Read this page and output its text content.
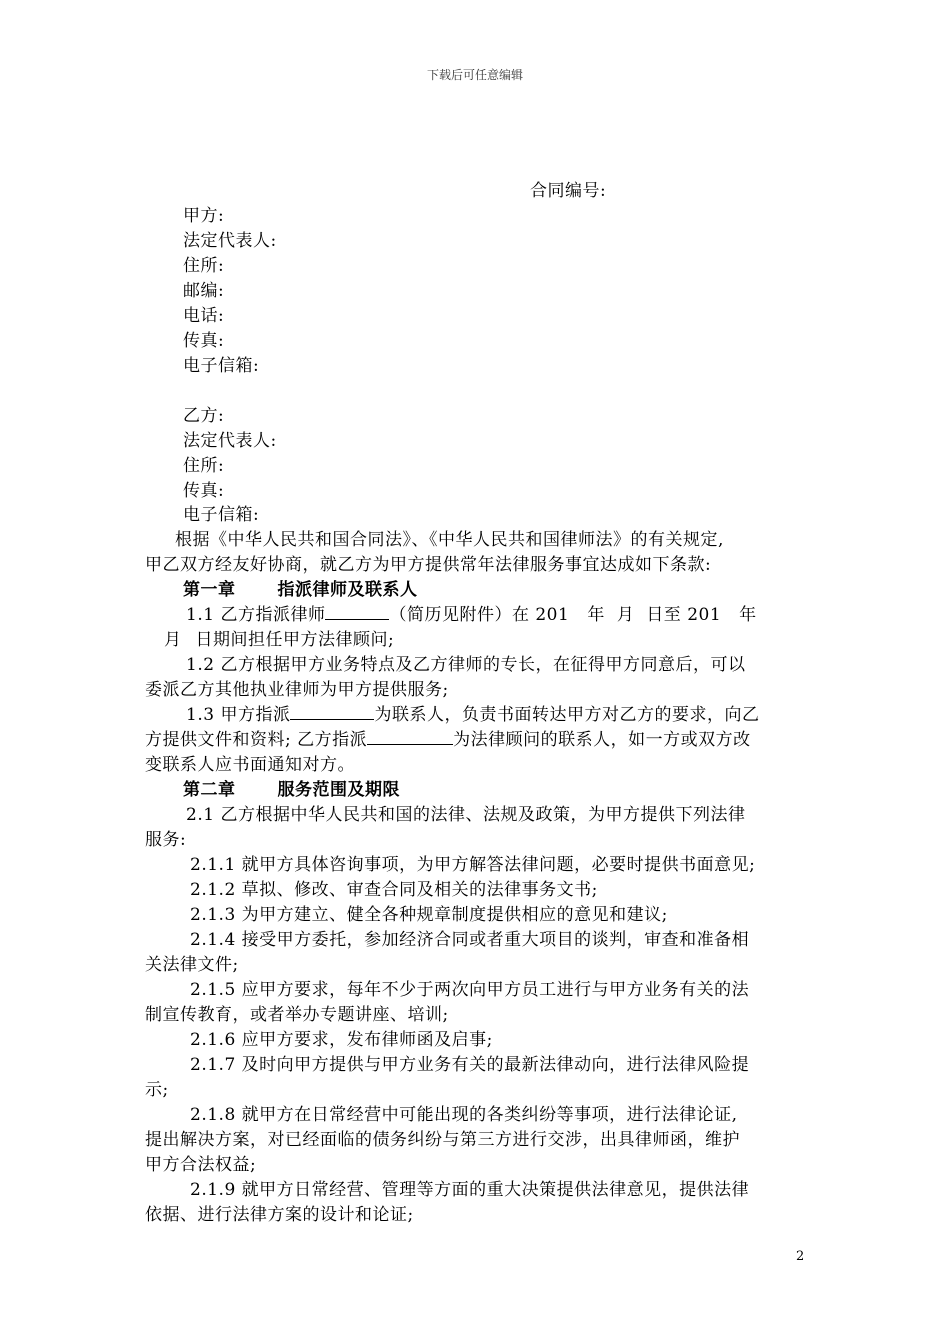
下载后可任意编辑
合同编号:
甲方:
法定代表人:
住所:
邮编:
电话:
传真:
电子信箱:
乙方:
法定代表人:
住所:
传真:
电子信箱:
根据《中华人民共和国合同法》、《中华人民共和国律师法》的有关规定,
甲乙双方经友好协商，就乙方为甲方提供常年法律服务事宜达成如下条款:
第一章 指派律师及联系人
1.1 乙方指派律师	（简历见附件）在 201 年 月 日至 201 年
月 日期间担任甲方法律顾问;
1.2 乙方根据甲方业务特点及乙方律师的专长，在征得甲方同意后，可以
委派乙方其他执业律师为甲方提供服务;
1.3 甲方指派	为联系人，负责书面转达甲方对乙方的要求，向乙
方提供文件和资料; 乙方指派	为法律顾问的联系人，如一方或双方改
变联系人应书面通知对方。
第二章 服务范围及期限
2.1 乙方根据中华人民共和国的法律、法规及政策，为甲方提供下列法律
服务:
2.1.1 就甲方具体咨询事项，为甲方解答法律问题，必要时提供书面意见;
2.1.2 草拟、修改、审查合同及相关的法律事务文书;
2.1.3 为甲方建立、健全各种规章制度提供相应的意见和建议;
2.1.4 接受甲方委托，参加经济合同或者重大项目的谈判，审查和准备相
关法律文件;
2.1.5 应甲方要求，每年不少于两次向甲方员工进行与甲方业务有关的法
制宣传教育，或者举办专题讲座、培训;
2.1.6 应甲方要求，发布律师函及启事;
2.1.7 及时向甲方提供与甲方业务有关的最新法律动向，进行法律风险提
示;
2.1.8 就甲方在日常经营中可能出现的各类纠纷等事项，进行法律论证,
提出解决方案，对已经面临的债务纠纷与第三方进行交涉，出具律师函，维护
甲方合法权益;
2.1.9 就甲方日常经营、管理等方面的重大决策提供法律意见，提供法律
依据、进行法律方案的设计和论证;
2
